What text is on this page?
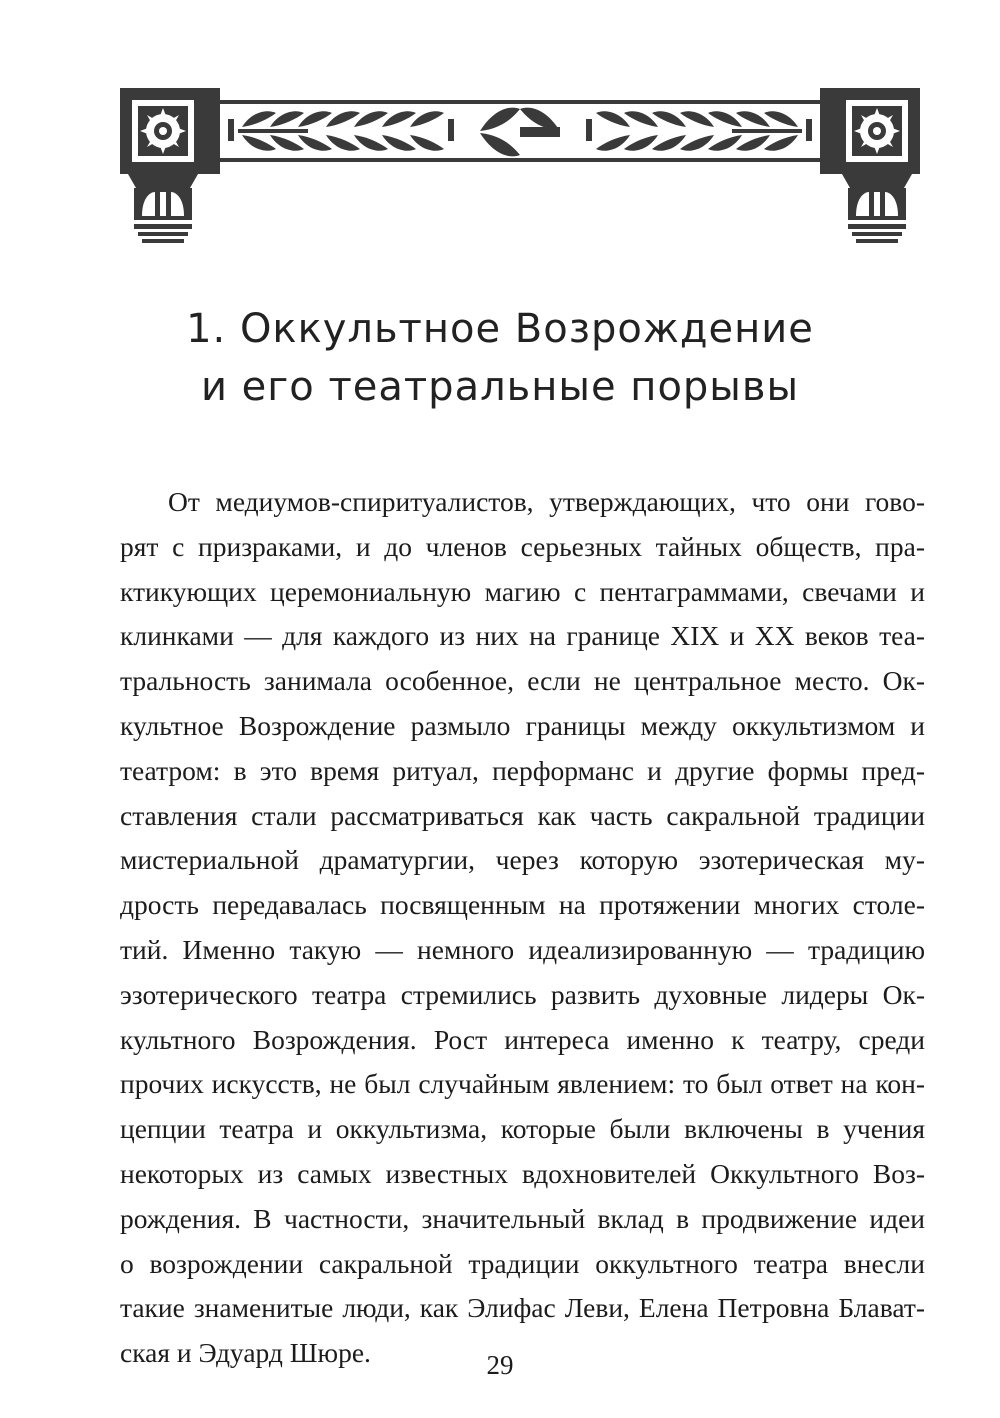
1. Оккультное Возрождение
и его театральные порывы
От медиумов-спиритуалистов, утверждающих, что они гово-
рят с призраками, и до членов серьезных тайных обществ, пра-
ктикующих церемониальную магию с пентаграммами, свечами и
клинками — для каждого из них на границе XIX и XX веков теа-
тральность занимала особенное, если не центральное место. Ок-
культное Возрождение размыло границы между оккультизмом и
театром: в это время ритуал, перформанс и другие формы пред-
ставления стали рассматриваться как часть сакральной традиции
мистериальной драматургии, через которую эзотерическая му-
дрость передавалась посвященным на протяжении многих столе-
тий. Именно такую — немного идеализированную — традицию
эзотерического театра стремились развить духовные лидеры Ок-
культного Возрождения. Рост интереса именно к театру, среди
прочих искусств, не был случайным явлением: то был ответ на кон-
цепции театра и оккультизма, которые были включены в учения
некоторых из самых известных вдохновителей Оккультного Воз-
рождения. В частности, значительный вклад в продвижение идеи
о возрождении сакральной традиции оккультного театра внесли
такие знаменитые люди, как Элифас Леви, Елена Петровна Блават-
ская и Эдуард Шюре.	29
